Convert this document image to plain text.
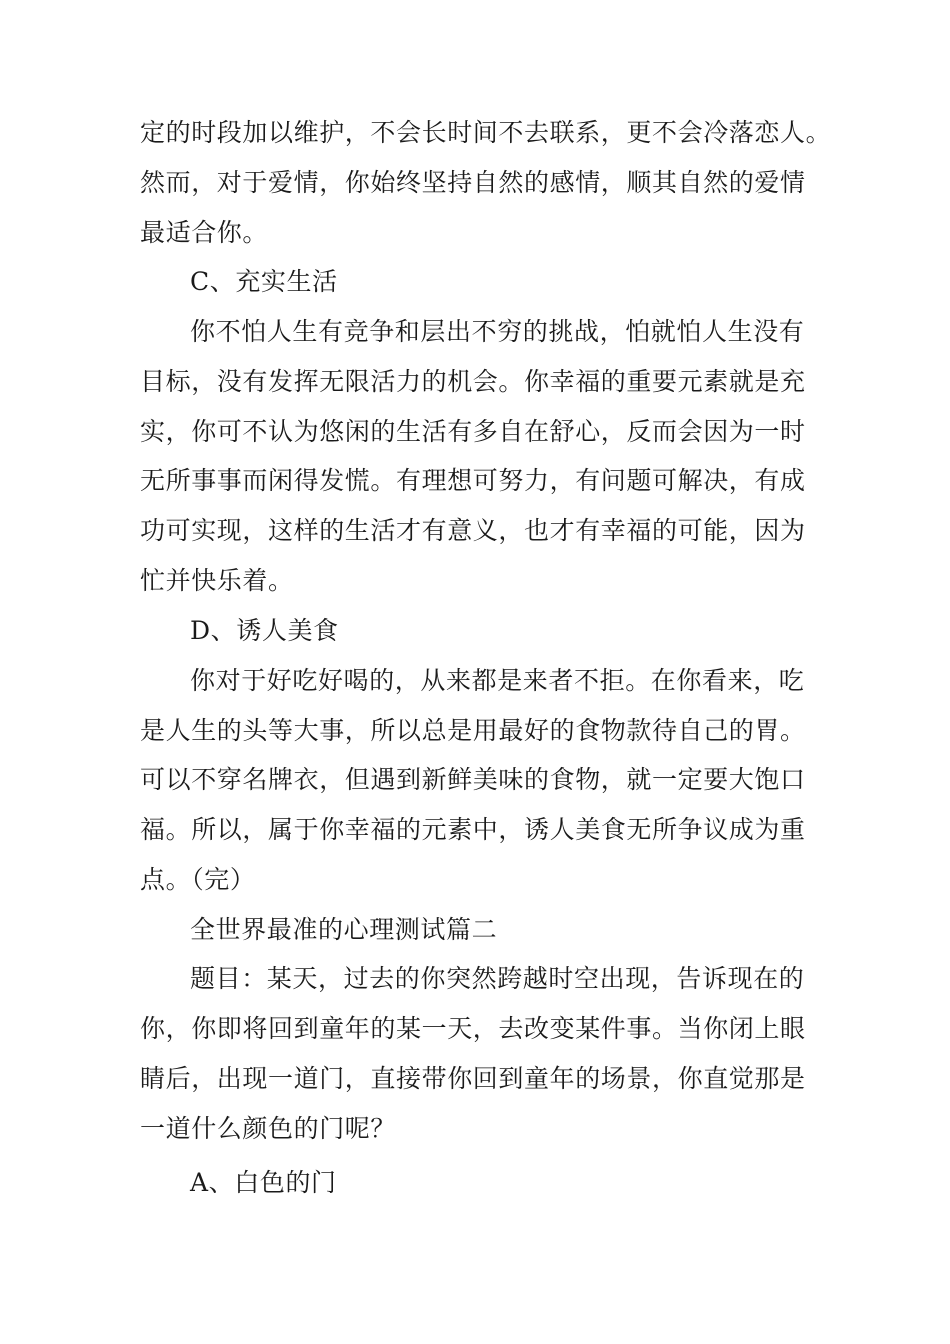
定的时段加以维护，不会长时间不去联系，更不会冷落恋人。
然而，对于爱情，你始终坚持自然的感情，顺其自然的爱情
最适合你。
C、充实生活
你不怕人生有竞争和层出不穷的挑战，怕就怕人生没有
目标，没有发挥无限活力的机会。你幸福的重要元素就是充
实，你可不认为悠闲的生活有多自在舒心，反而会因为一时
无所事事而闲得发慌。有理想可努力，有问题可解决，有成
功可实现，这样的生活才有意义，也才有幸福的可能，因为
忙并快乐着。
D、诱人美食
你对于好吃好喝的，从来都是来者不拒。在你看来，吃
是人生的头等大事，所以总是用最好的食物款待自己的胃。
可以不穿名牌衣，但遇到新鲜美味的食物，就一定要大饱口
福。所以，属于你幸福的元素中，诱人美食无所争议成为重
点。（完）
全世界最准的心理测试篇二
题目：某天，过去的你突然跨越时空出现，告诉现在的
你，你即将回到童年的某一天，去改变某件事。当你闭上眼
睛后，出现一道门，直接带你回到童年的场景，你直觉那是
一道什么颜色的门呢？
A、白色的门
